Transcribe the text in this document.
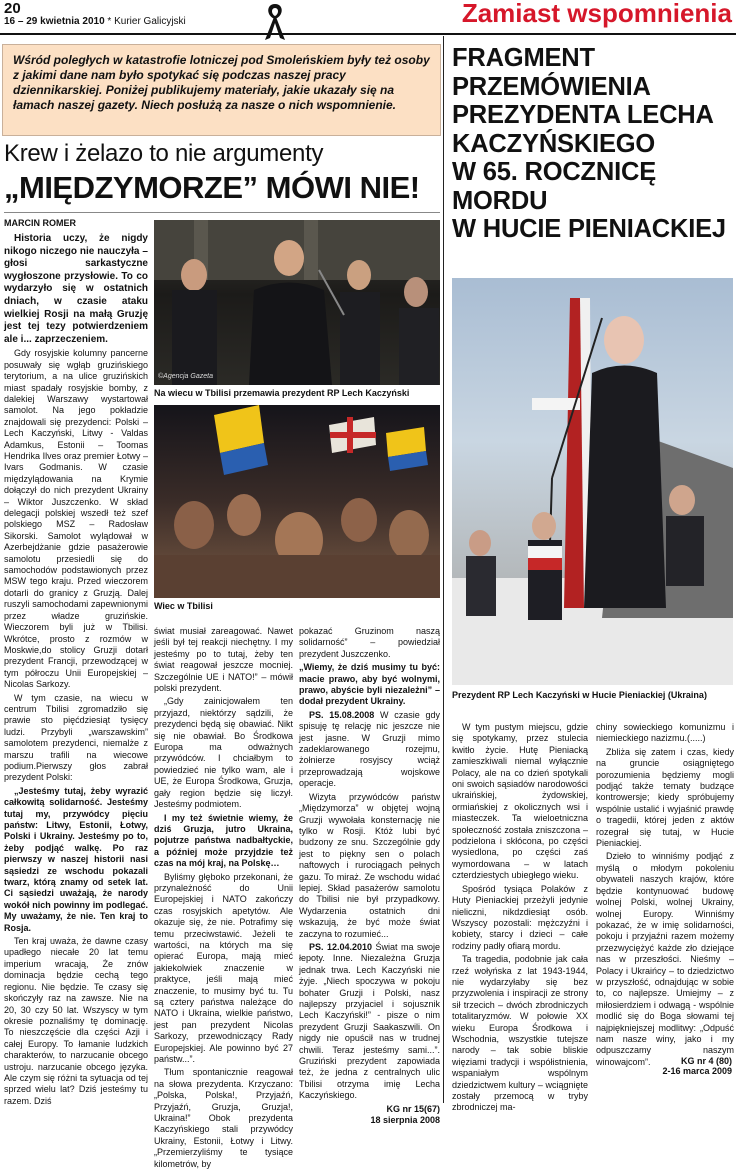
20
16 – 29 kwietnia 2010 * Kurier Galicyjski	Zamiast wspomnienia
Wśród poległych w katastrofie lotniczej pod Smoleńskiem były też osoby z jakimi dane nam było spotykać się podczas naszej pracy dziennikarskiej. Poniżej publikujemy materiały, jakie ukazały się na łamach naszej gazety. Niech posłużą za nasze o nich wspomnienie.
Krew i żelazo to nie argumenty
„MIĘDZYMORZE” MÓWI NIE!
MARCIN ROMER

Historia uczy, że nigdy nikogo niczego nie nauczyła – głosi sarkastyczne wygłoszone przysłowie. To co wydarzyło się w ostatnich dniach, w czasie ataku wielkiej Rosji na małą Gruzję jest tej tezy potwierdzeniem ale i... zaprzeczeniem.

Gdy rosyjskie kolumny pancerne posuwały się wgłąb gruzińskiego terytorium, a na ulice gruzińskich miast spadały rosyjskie bomby, z dalekiej Warszawy wystartował samolot. Na jego pokładzie znajdowali się prezydenci: Polski – Lech Kaczyński, Litwy - Valdas Adamkus, Estonii – Toomas Hendrika Ilves oraz premier Łotwy – Ivars Godmanis. W czasie międzylądowania na Krymie dołączył do nich prezydent Ukrainy – Wiktor Juszczenko. W skład delegacji polskiej wszedł też szef polskiego MSZ – Radosław Sikorski. Samolot wylądował w Azerbejdżanie gdzie pasażerowie samolotu przesiedli się do samochodów podstawionych przez MSW tego kraju. Przed wieczorem dotarli do granicy z Gruzją. Dalej ruszyli samochodami zapewnionymi przez władze gruzińskie. Wieczorem byli już w Tbilisi. Wkrótce, prosto z rozmów w Moskwie,do stolicy Gruzji dotarł prezydent Francji, przewodzącej w tym półroczu Unii Europejskiej – Nicolas Sarkozy.

W tym czasie, na wiecu w centrum Tbilisi zgromadziło się prawie sto pięćdziesiąt tysięcy ludzi. Przybyli „warszawskim” samolotem prezydenci, niemalże z marszu trafili na wiecowe podium.Pierwszy głos zabrał prezydent Polski:

„Jesteśmy tutaj, żeby wyrazić całkowitą solidarność. Jesteśmy tutaj my, przywódcy pięciu państw: Litwy, Estonii, Łotwy, Polski i Ukrainy. Jesteśmy po to, żeby podjąć walkę. Po raz pierwszy w naszej historii nasi sąsiedzi ze wschodu pokazali twarz, którą znamy od setek lat. Ci sąsiedzi uważają, że narody wokół nich powinny im podlegać. My uważamy, że nie. Ten kraj to Rosja.

Ten kraj uważa, że dawne czasy upadłego niecałe 20 lat temu imperium wracają, Że znów dominacja będzie cechą tego regionu. Nie będzie. Te czasy się skończyły raz na zawsze. Nie na 20, 30 czy 50 lat. Wszyscy w tym okresie poznaliśmy tę dominację. To nieszczęście dla części Azji i całej Europy. To łamanie ludzkich charakterów, to narzucanie obcego ustroju. narzucanie obcego języka. Ale czym się różni ta sytuacja od tej sprzed wielu lat? Dziś jesteśmy tu razem. Dziś

©Agencja Gazeta
Na wiecu w Tbilisi przemawia prezydent RP Lech Kaczyński
Wiec w Tbilisi

świat musiał zareagować. Nawet jeśli był tej reakcji niechętny. I my jesteśmy po to tutaj, żeby ten świat reagował jeszcze mocniej. Szczególnie UE i NATO!” – mówił polski prezydent.

„Gdy zainicjowałem ten przyjazd, niektórzy sądzili, że prezydenci będą się obawiać. Nikt się nie obawiał. Bo Środkowa Europa ma odważnych przywódców. I chciałbym to powiedzieć nie tylko wam, ale i UE, że Europa Środkowa, Gruzja, gały region będzie się liczył. Jesteśmy podmiotem.

I my też świetnie wiemy, że dziś Gruzja, jutro Ukraina, pojutrze państwa nadbałtyckie, a później może przyjdzie też czas na mój kraj, na Polskę…

Byliśmy głęboko przekonani, że przynależność do Unii Europejskiej i NATO zakończy czas rosyjskich apetytów. Ale okazuje się, że nie. Potrafimy się temu przeciwstawić. Jeżeli te wartości, na których ma się opierać Europa, mają mieć jakiekolwiek znaczenie w praktyce, jeśli mają mieć znaczenie, to musimy być tu. Tu są cztery państwa należące do NATO i Ukraina, wielkie państwo, jest pan prezydent Nicolas Sarkozy, przewodniczący Rady Europejskiej. Ale powinno być 27 państw...”.

Tłum spontanicznie reagował na słowa prezydenta. Krzyczano: „Polska, Polska!, Przyjaźń, Przyjaźń, Gruzja, Gruzja!, Ukraina!” Obok prezydenta Kaczyńskiego stali przywódcy Ukrainy, Estonii, Łotwy i Litwy. „Przemierzyliśmy te tysiące kilometrów, by

pokazać Gruzinom naszą solidarność” – powiedział prezydent Juszczenko.

„Wiemy, że dziś musimy tu być: macie prawo, aby być wolnymi, prawo, abyście byli niezależni” – dodał prezydent Ukrainy.

PS. 15.08.2008 W czasie gdy spisuję tę relację nic jeszcze nie jest jasne. W Gruzji mimo zadeklarowanego rozejmu, żołnierze rosyjscy wciąż przeprowadzają wojskowe operacje.

Wizyta przywódców państw „Międzymorza” w objętej wojną Gruzji wywołała konsternację nie tylko w Rosji. Któż lubi być budzony ze snu. Szczególnie gdy jest to piękny sen o polach naftowych i rurociągach pełnych gazu. To miraż. Ze wschodu widać lepiej. Skład pasażerów samolotu do Tbilisi nie był przypadkowy. Wydarzenia ostatnich dni wskazują, że być może świat zaczyna to rozumieć...

PS. 12.04.2010 Świat ma swoje łepoty. Inne. Niezależna Gruzja jednak trwa. Lech Kaczyński nie żyje. „Niech spoczywa w pokoju bohater Gruzji i Polski, nasz najlepszy przyjaciel i sojusznik Lech Kaczyński!” - pisze o nim prezydent Gruzji Saakaszwili. On nigdy nie opuścił nas w trudnej chwili. Teraz jesteśmy sami...”. Gruziński prezydent zapowiada też, że jedna z centralnych ulic Tbilisi otrzyma imię Lecha Kaczyńskiego.

KG nr 15(67)
18 sierpnia 2008
FRAGMENT
PRZEMÓWIENIA
PREZYDENTA LECHA
KACZYŃSKIEGO
W 65. ROCZNICĘ
MORDU
W HUCIE PIENIACKIEJ
Prezydent RP Lech Kaczyński w Hucie Pieniackiej (Ukraina)

W tym pustym miejscu, gdzie się spotykamy, przez stulecia kwitło życie. Hutę Pieniacką zamieszkiwali niemal wyłącznie Polacy, ale na co dzień spotykali oni swoich sąsiadów narodowości ukraińskiej, żydowskiej, ormiańskiej z okolicznych wsi i miasteczek. Ta wieloetniczna społeczność została zniszczona – podzielona i skłócona, po części wysiedlona, po części zaś wymordowana – w latach czterdziestych ubiegłego wieku.

Spośród tysiąca Polaków z Huty Pieniackiej przeżyli jedynie nieliczni, nikdzdiesiąt osób. Wszyscy pozostali: mężczyźni i kobiety, starcy i dzieci – całe rodziny padły ofiarą mordu.

Ta tragedia, podobnie jak cała rzeź wołyńska z lat 1943-1944, nie wydarzyłaby się bez przyzwolenia i inspiracji ze strony sił trzecich – dwóch zbrodniczych totalitaryzmów. W połowie XX wieku Europa Środkowa i Wschodnia, wszystkie tutejsze narody – tak sobie bliskie więziami tradycji i współistnienia, wspaniałym wspólnym dziedzictwem kultury – wciągnięte zostały przemocą w tryby zbrodniczej ma-

chiny sowieckiego komunizmu i niemieckiego nazizmu.(.....)

Zbliża się zatem i czas, kiedy na gruncie osiągniętego porozumienia będziemy mogli podjąć także tematy budzące kontrowersje; kiedy spróbujemy wspólnie ustalić i wyjaśnić prawdę o tragedii, której jeden z aktów rozegrał się tutaj, w Hucie Pieniackiej.

Dzieło to winniśmy podjąć z myślą o młodym pokoleniu obywateli naszych krajów, które będzie kontynuować budowę wolnej Polski, wolnej Ukrainy, wolnej Europy. Winniśmy pokazać, że w imię solidarności, pokoju i przyjaźni razem możemy przezwyciężyć każde zło dziejące nas w przeszłości. Nieśmy – Polacy i Ukraińcy – to dziedzictwo w przyszłość, odnajdując w sobie to, co najlepsze. Umiejmy – z miłosierdziem i odwagą - wspólnie modlić się do Boga słowami tej najpiękniejszej modlitwy: „Odpuść nam nasze winy, jako i my odpuszczamy naszym winowajcom”.	KG nr 4 (80)
2-16 marca 2009
